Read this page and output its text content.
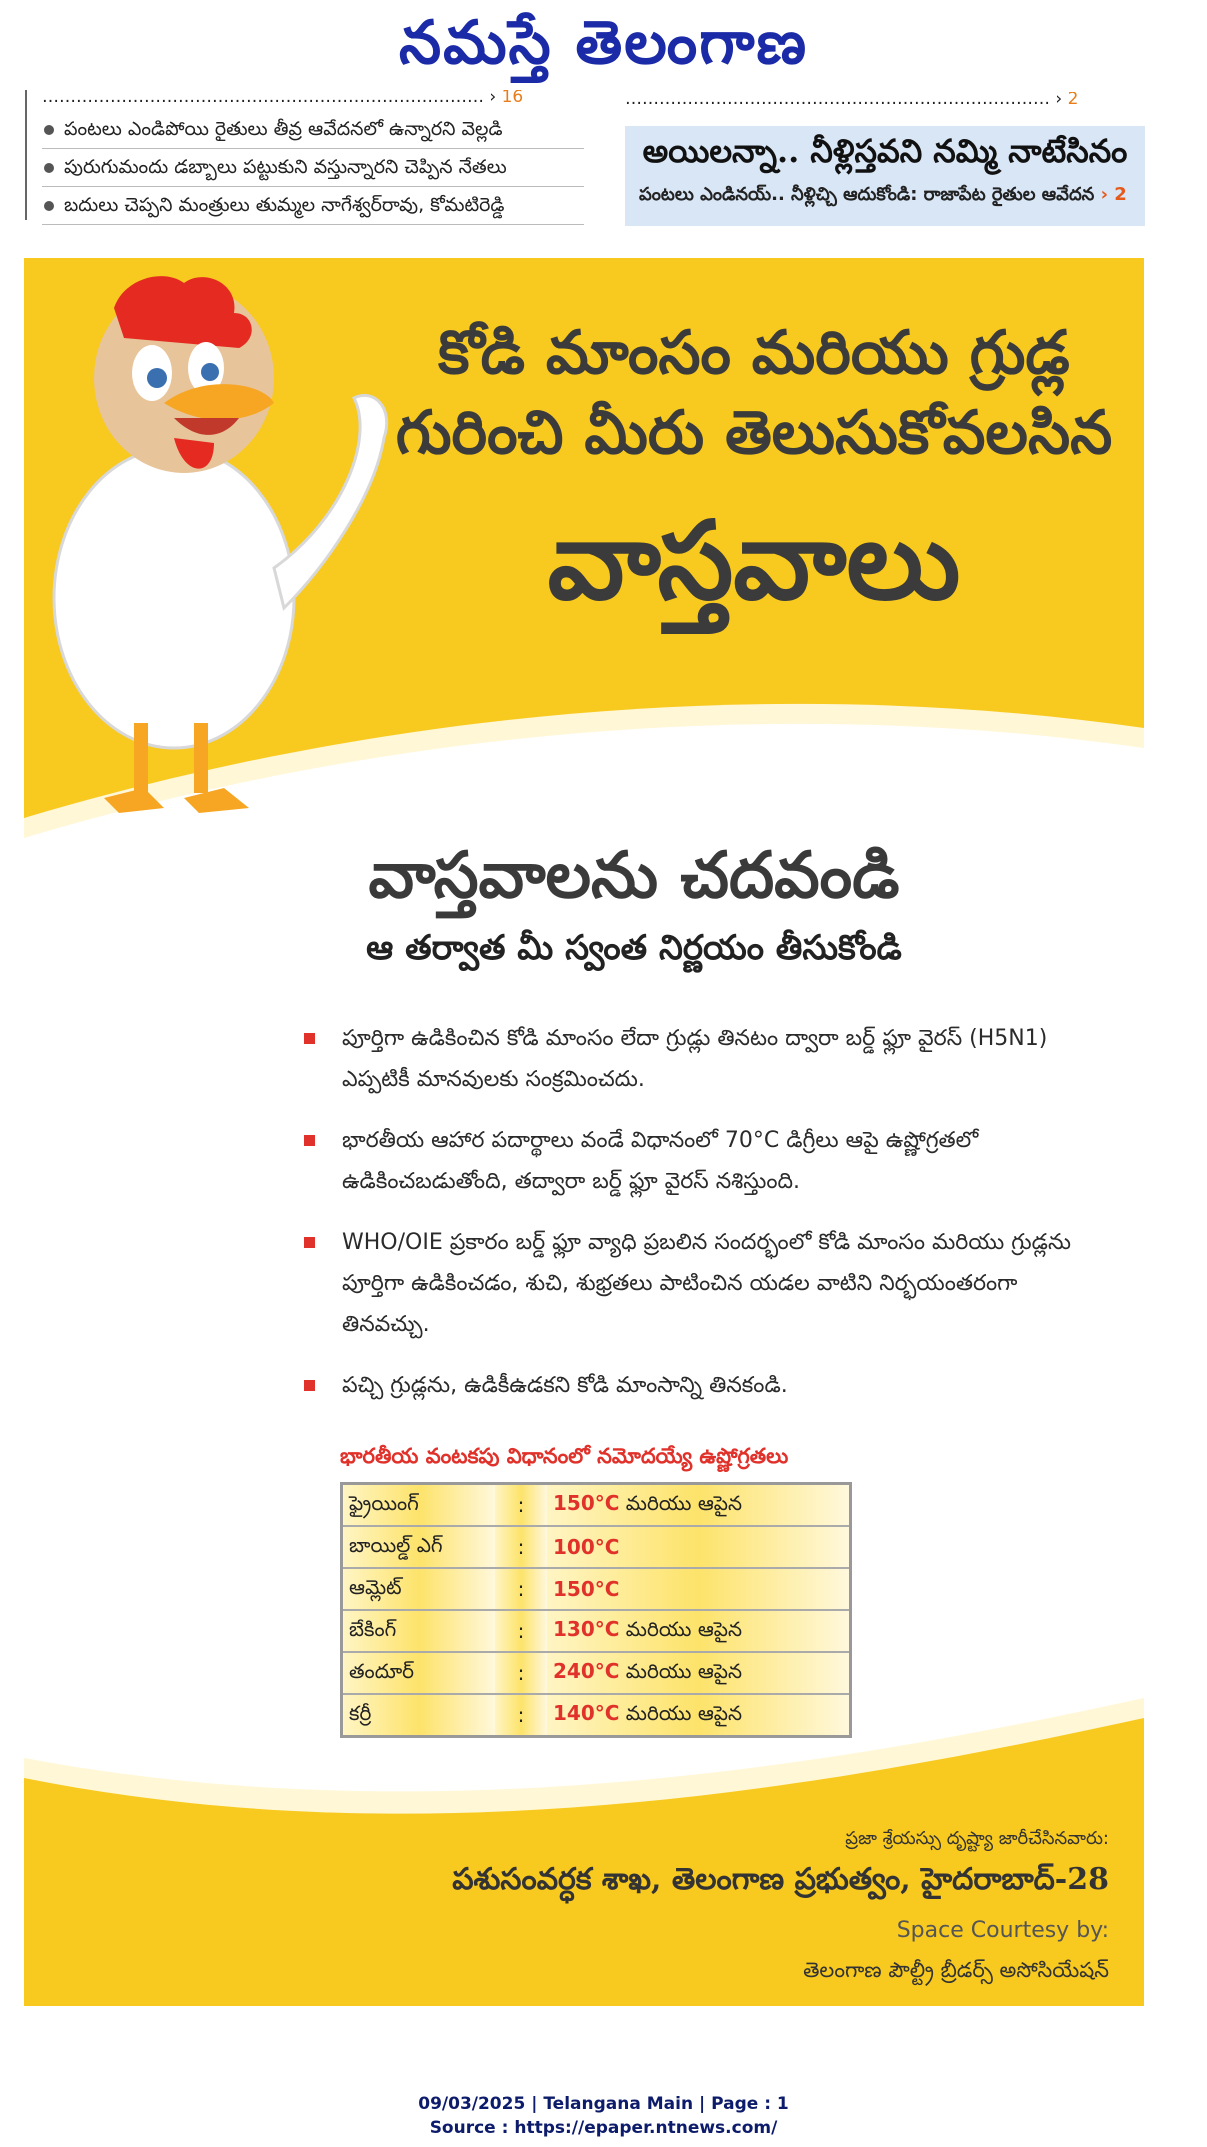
నమస్తే తెలంగాణ
…………………………………………………………………… › 16
పంటలు ఎండిపోయి రైతులు తీవ్ర ఆవేదనలో ఉన్నారని వెల్లడి
పురుగుమందు డబ్బాలు పట్టుకుని వస్తున్నారని చెప్పిన నేతలు
బదులు చెప్పని మంత్రులు తుమ్మల నాగేశ్వర్‌రావు, కోమటిరెడ్డి
………………………………………………………………… › 2
అయిలన్నా.. నీళ్లిస్తవని నమ్మి నాటేసినం
పంటలు ఎండినయ్.. నీళ్లిచ్చి ఆదుకోండి: రాజాపేట రైతుల ఆవేదన › 2
కోడి మాంసం మరియు గ్రుడ్ల
గురించి మీరు తెలుసుకోవలసిన
వాస్తవాలు
వాస్తవాలను చదవండి
ఆ తర్వాత మీ స్వంత నిర్ణయం తీసుకోండి
పూర్తిగా ఉడికించిన కోడి మాంసం లేదా గ్రుడ్లు తినటం ద్వారా బర్డ్ ఫ్లూ వైరస్ (H5N1) ఎప్పటికీ మానవులకు సంక్రమించదు.
భారతీయ ఆహార పదార్థాలు వండే విధానంలో 70°C డిగ్రీలు ఆపై ఉష్ణోగ్రతలో ఉడికించబడుతోంది, తద్వారా బర్డ్ ఫ్లూ వైరస్ నశిస్తుంది.
WHO/OIE ప్రకారం బర్డ్ ఫ్లూ వ్యాధి ప్రబలిన సందర్భంలో కోడి మాంసం మరియు గ్రుడ్లను పూర్తిగా ఉడికించడం, శుచి, శుభ్రతలు పాటించిన యడల వాటిని నిర్భయంతరంగా తినవచ్చు.
పచ్చి గ్రుడ్లను, ఉడికీఉడకని కోడి మాంసాన్ని తినకండి.
భారతీయ వంటకపు విధానంలో నమోదయ్యే ఉష్ణోగ్రతలు
ఫ్రైయింగ్	:	150°C మరియు ఆపైన
బాయిల్డ్ ఎగ్	:	100°C
ఆమ్లెట్	:	150°C
బేకింగ్	:	130°C మరియు ఆపైన
తందూర్	:	240°C మరియు ఆపైన
కర్రీ	:	140°C మరియు ఆపైన
ప్రజా శ్రేయస్సు దృష్ట్యా జారీచేసినవారు:
పశుసంవర్ధక శాఖ, తెలంగాణ ప్రభుత్వం, హైదరాబాద్-28
Space Courtesy by:
తెలంగాణ పౌల్ట్రీ బ్రీడర్స్ అసోసియేషన్
09/03/2025 | Telangana Main | Page : 1
Source : https://epaper.ntnews.com/
